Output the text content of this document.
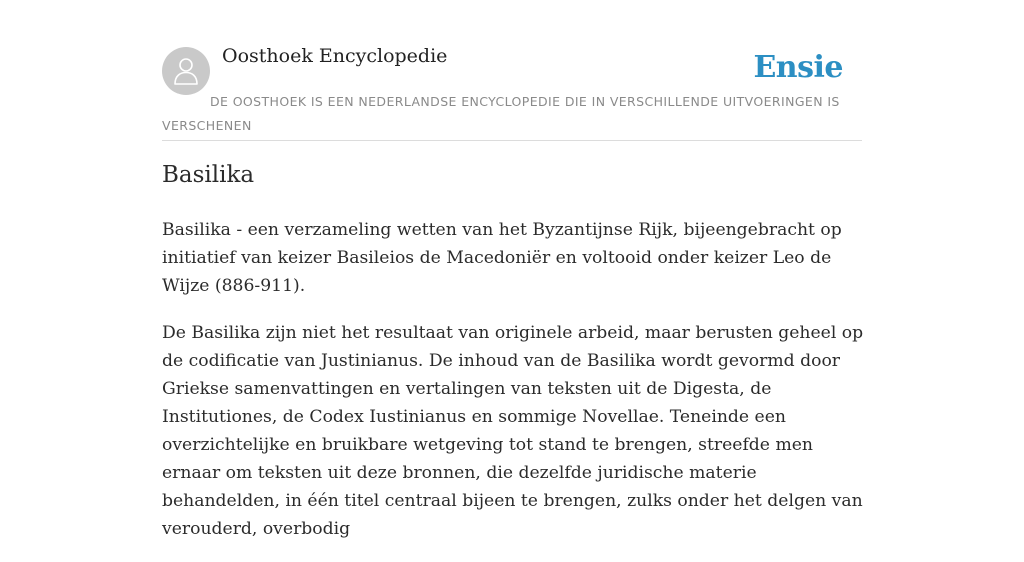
Oosthoek Encyclopedie	Ensie
DE OOSTHOEK IS EEN NEDERLANDSE ENCYCLOPEDIE DIE IN VERSCHILLENDE UITVOERINGEN IS VERSCHENEN
Basilika

Basilika - een verzameling wetten van het Byzantijnse Rijk, bijeengebracht op initiatief van keizer Basileios de Macedoniër en voltooid onder keizer Leo de Wijze (886-911).

De Basilika zijn niet het resultaat van originele arbeid, maar berusten geheel op de codificatie van Justinianus. De inhoud van de Basilika wordt gevormd door Griekse samenvattingen en vertalingen van teksten uit de Digesta, de Institutiones, de Codex Iustinianus en sommige Novellae. Teneinde een overzichtelijke en bruikbare wetgeving tot stand te brengen, streefde men ernaar om teksten uit deze bronnen, die dezelfde juridische materie behandelden, in één titel centraal bijeen te brengen, zulks onder het delgen van verouderd, overbodig
